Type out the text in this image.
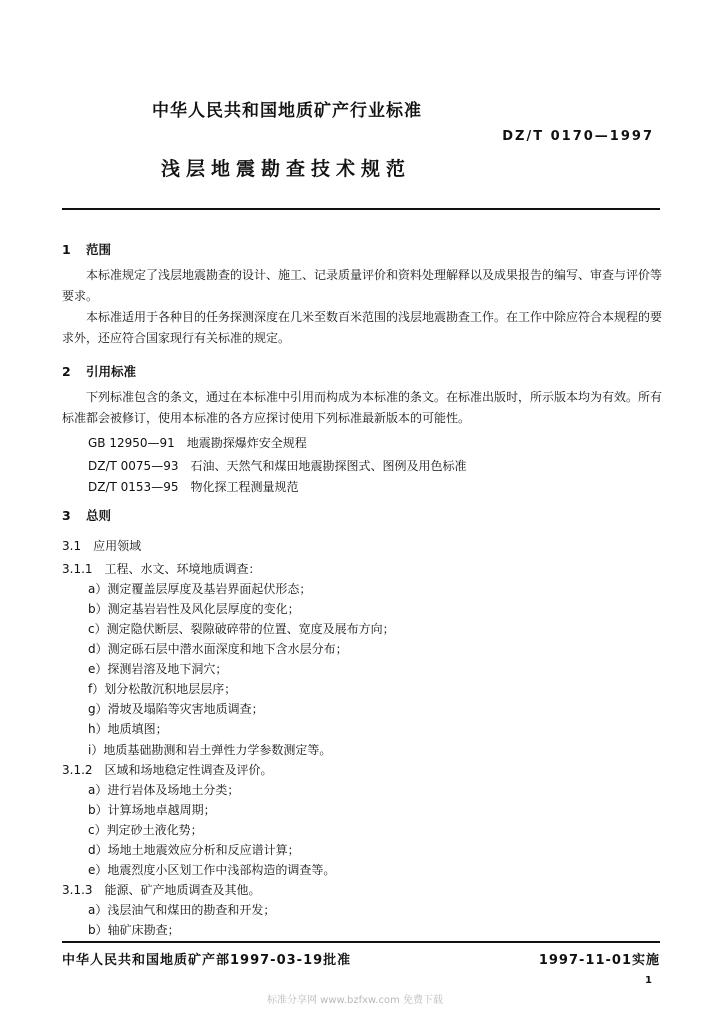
中华人民共和国地质矿产行业标准
DZ/T 0170—1997
浅层地震勘查技术规范
1 范围
本标准规定了浅层地震勘查的设计、施工、记录质量评价和资料处理解释以及成果报告的编写、审查与评价等要求。
本标准适用于各种目的任务探测深度在几米至数百米范围的浅层地震勘查工作。在工作中除应符合本规程的要求外，还应符合国家现行有关标准的规定。
2 引用标准
下列标准包含的条文，通过在本标准中引用而构成为本标准的条文。在标准出版时，所示版本均为有效。所有标准都会被修订，使用本标准的各方应探讨使用下列标准最新版本的可能性。
GB 12950—91　地震勘探爆炸安全规程
DZ/T 0075—93　石油、天然气和煤田地震勘探图式、图例及用色标准
DZ/T 0153—95　物化探工程测量规范
3 总则
3.1　应用领域
3.1.1　工程、水文、环境地质调查：
a）测定覆盖层厚度及基岩界面起伏形态；
b）测定基岩岩性及风化层厚度的变化；
c）测定隐伏断层、裂隙破碎带的位置、宽度及展布方向；
d）测定砾石层中潜水面深度和地下含水层分布；
e）探测岩溶及地下洞穴；
f）划分松散沉积地层层序；
g）滑坡及塌陷等灾害地质调查；
h）地质填图；
i）地质基础勘测和岩土弹性力学参数测定等。
3.1.2　区域和场地稳定性调查及评价。
a）进行岩体及场地土分类；
b）计算场地卓越周期；
c）判定砂土液化势；
d）场地土地震效应分析和反应谱计算；
e）地震烈度小区划工作中浅部构造的调查等。
3.1.3　能源、矿产地质调查及其他。
中华人民共和国地质矿产部1997-03-19批准	1997-11-01实施
1
标准分享网 www.bzfxw.com 免费下载
a）浅层油气和煤田的勘查和开发；
b）轴矿床勘查；
